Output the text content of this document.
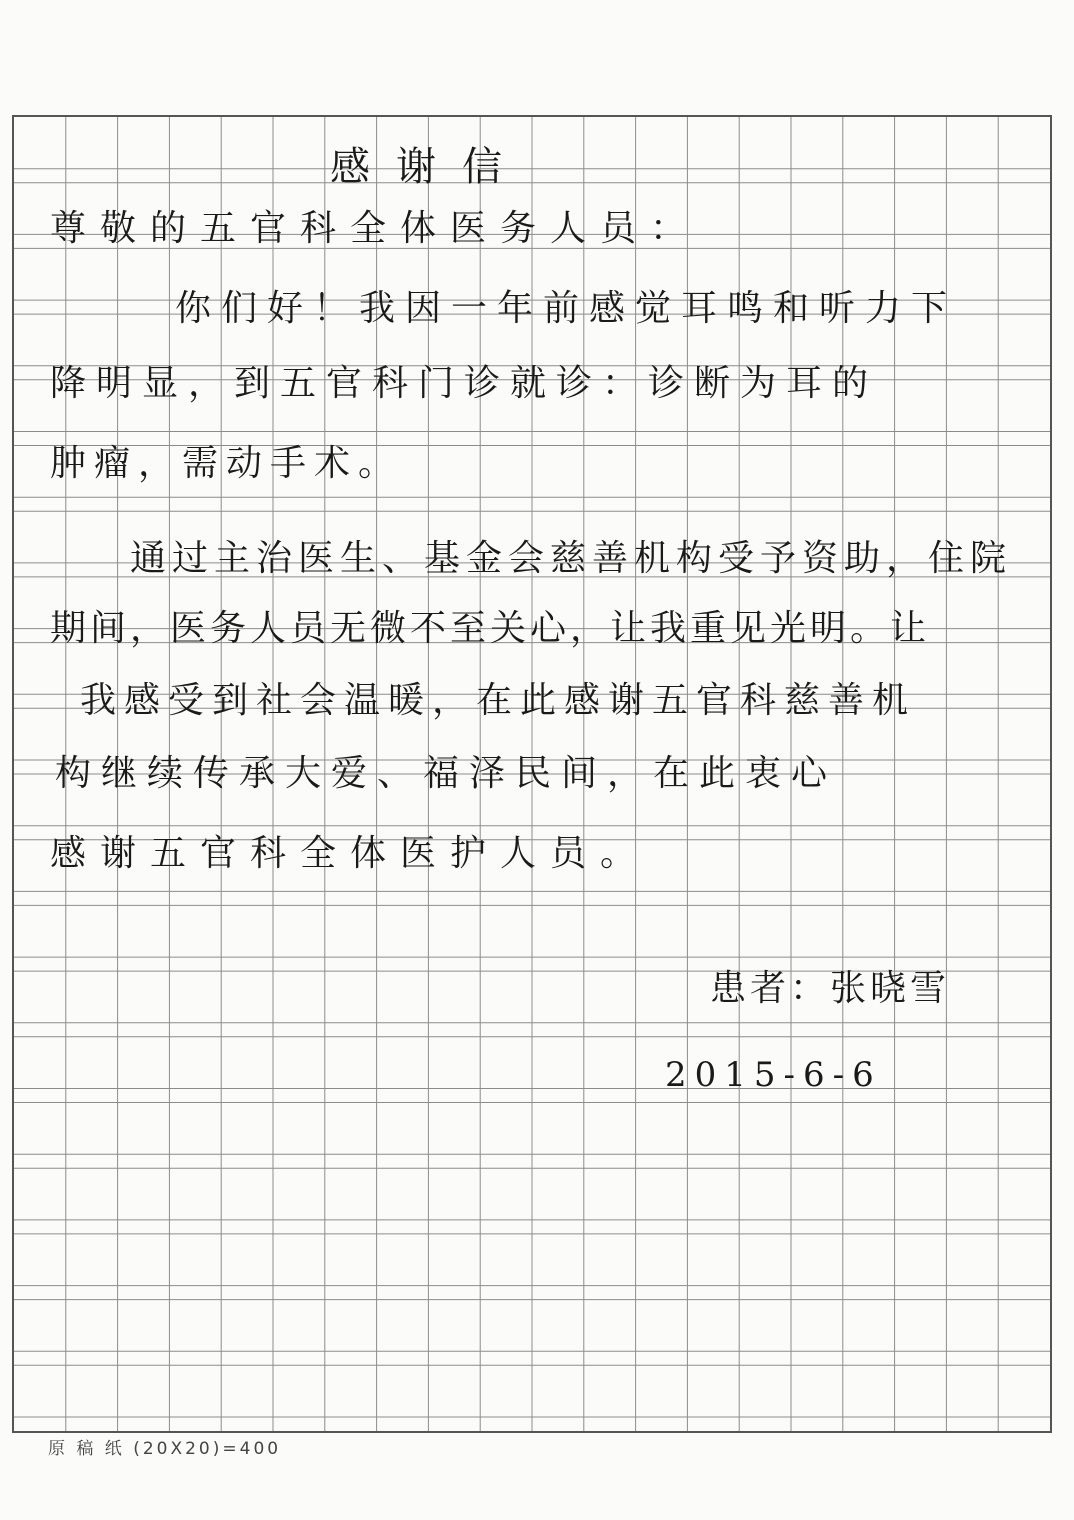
感谢信
尊敬的五官科全体医务人员：
你们好！我因一年前感觉耳鸣和听力下
降明显，到五官科门诊就诊：诊断为耳的
肿瘤，需动手术。
通过主治医生、基金会慈善机构受予资助，住院
期间，医务人员无微不至关心，让我重见光明。让
我感受到社会温暖，在此感谢五官科慈善机
构继续传承大爱、福泽民间，在此衷心
感谢五官科全体医护人员。
患者：张晓雪
2015-6-6
原 稿 纸 (20X20)=400
